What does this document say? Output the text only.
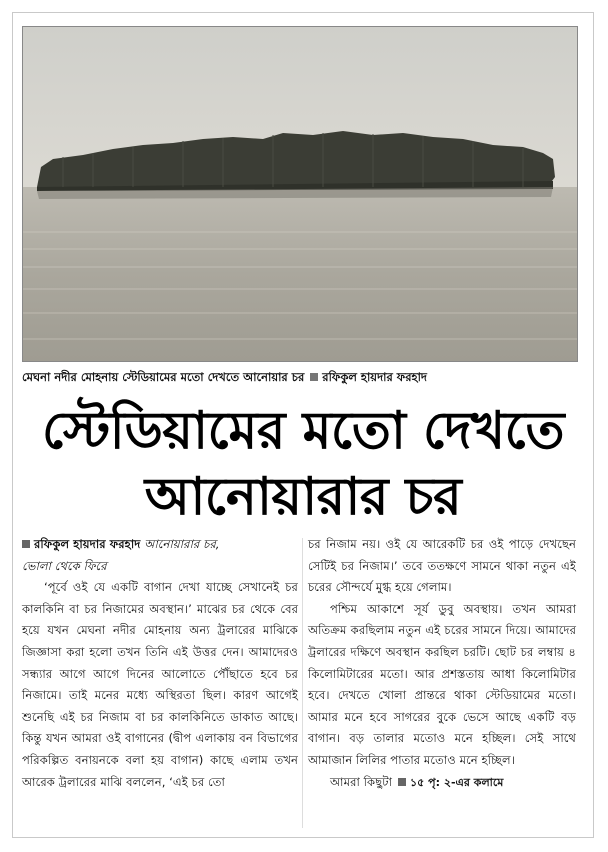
মেঘনা নদীর মোহনায় স্টেডিয়ামের মতো দেখতে আনোয়ার চর রফিকুল হায়দার ফরহাদ
স্টেডিয়ামের মতো দেখতে
আনোয়ারার চর
রফিকুল হায়দার ফরহাদ আনোয়ারার চর,
ভোলা থেকে ফিরে

‘পূর্বে ওই যে একটি বাগান দেখা যাচ্ছে সেখানেই চর কালকিনি বা চর নিজামের অবস্থান।’ মাঝের চর থেকে বের হয়ে যখন মেঘনা নদীর মোহনায় অন্য ট্রলারের মাঝিকে জিজ্ঞাসা করা হলো তখন তিনি এই উত্তর দেন। আমাদেরও সন্ধ্যার আগে আগে দিনের আলোতে পৌঁছাতে হবে চর নিজামে। তাই মনের মধ্যে অস্থিরতা ছিল। কারণ আগেই শুনেছি এই চর নিজাম বা চর কালকিনিতে ডাকাত আছে। কিন্তু যখন আমরা ওই বাগানের (দ্বীপ এলাকায় বন বিভাগের পরিকল্পিত বনায়নকে বলা হয় বাগান) কাছে এলাম তখন আরেক ট্রলারের মাঝি বললেন, ‘এই চর তো

চর নিজাম নয়। ওই যে আরেকটি চর ওই পাড়ে দেখছেন সেটিই চর নিজাম।’ তবে ততক্ষণে সামনে থাকা নতুন এই চরের সৌন্দর্যে মুগ্ধ হয়ে গেলাম।

পশ্চিম আকাশে সূর্য ডুবু অবস্থায়। তখন আমরা অতিক্রম করছিলাম নতুন এই চরের সামনে দিয়ে। আমাদের ট্রলারের দক্ষিণে অবস্থান করছিল চরটি। ছোট চর লম্বায় ৪ কিলোমিটারের মতো। আর প্রশস্ততায় আধা কিলোমিটার হবে। দেখতে খোলা প্রান্তরে থাকা স্টেডিয়ামের মতো। আমার মনে হবে সাগরের বুকে ভেসে আছে একটি বড় বাগান। বড় তালার মতোও মনে হচ্ছিল। সেই সাথে আমাজান লিলির পাতার মতোও মনে হচ্ছিল।

আমরা কিছুটা ১৫ পৃ: ২-এর কলামে
